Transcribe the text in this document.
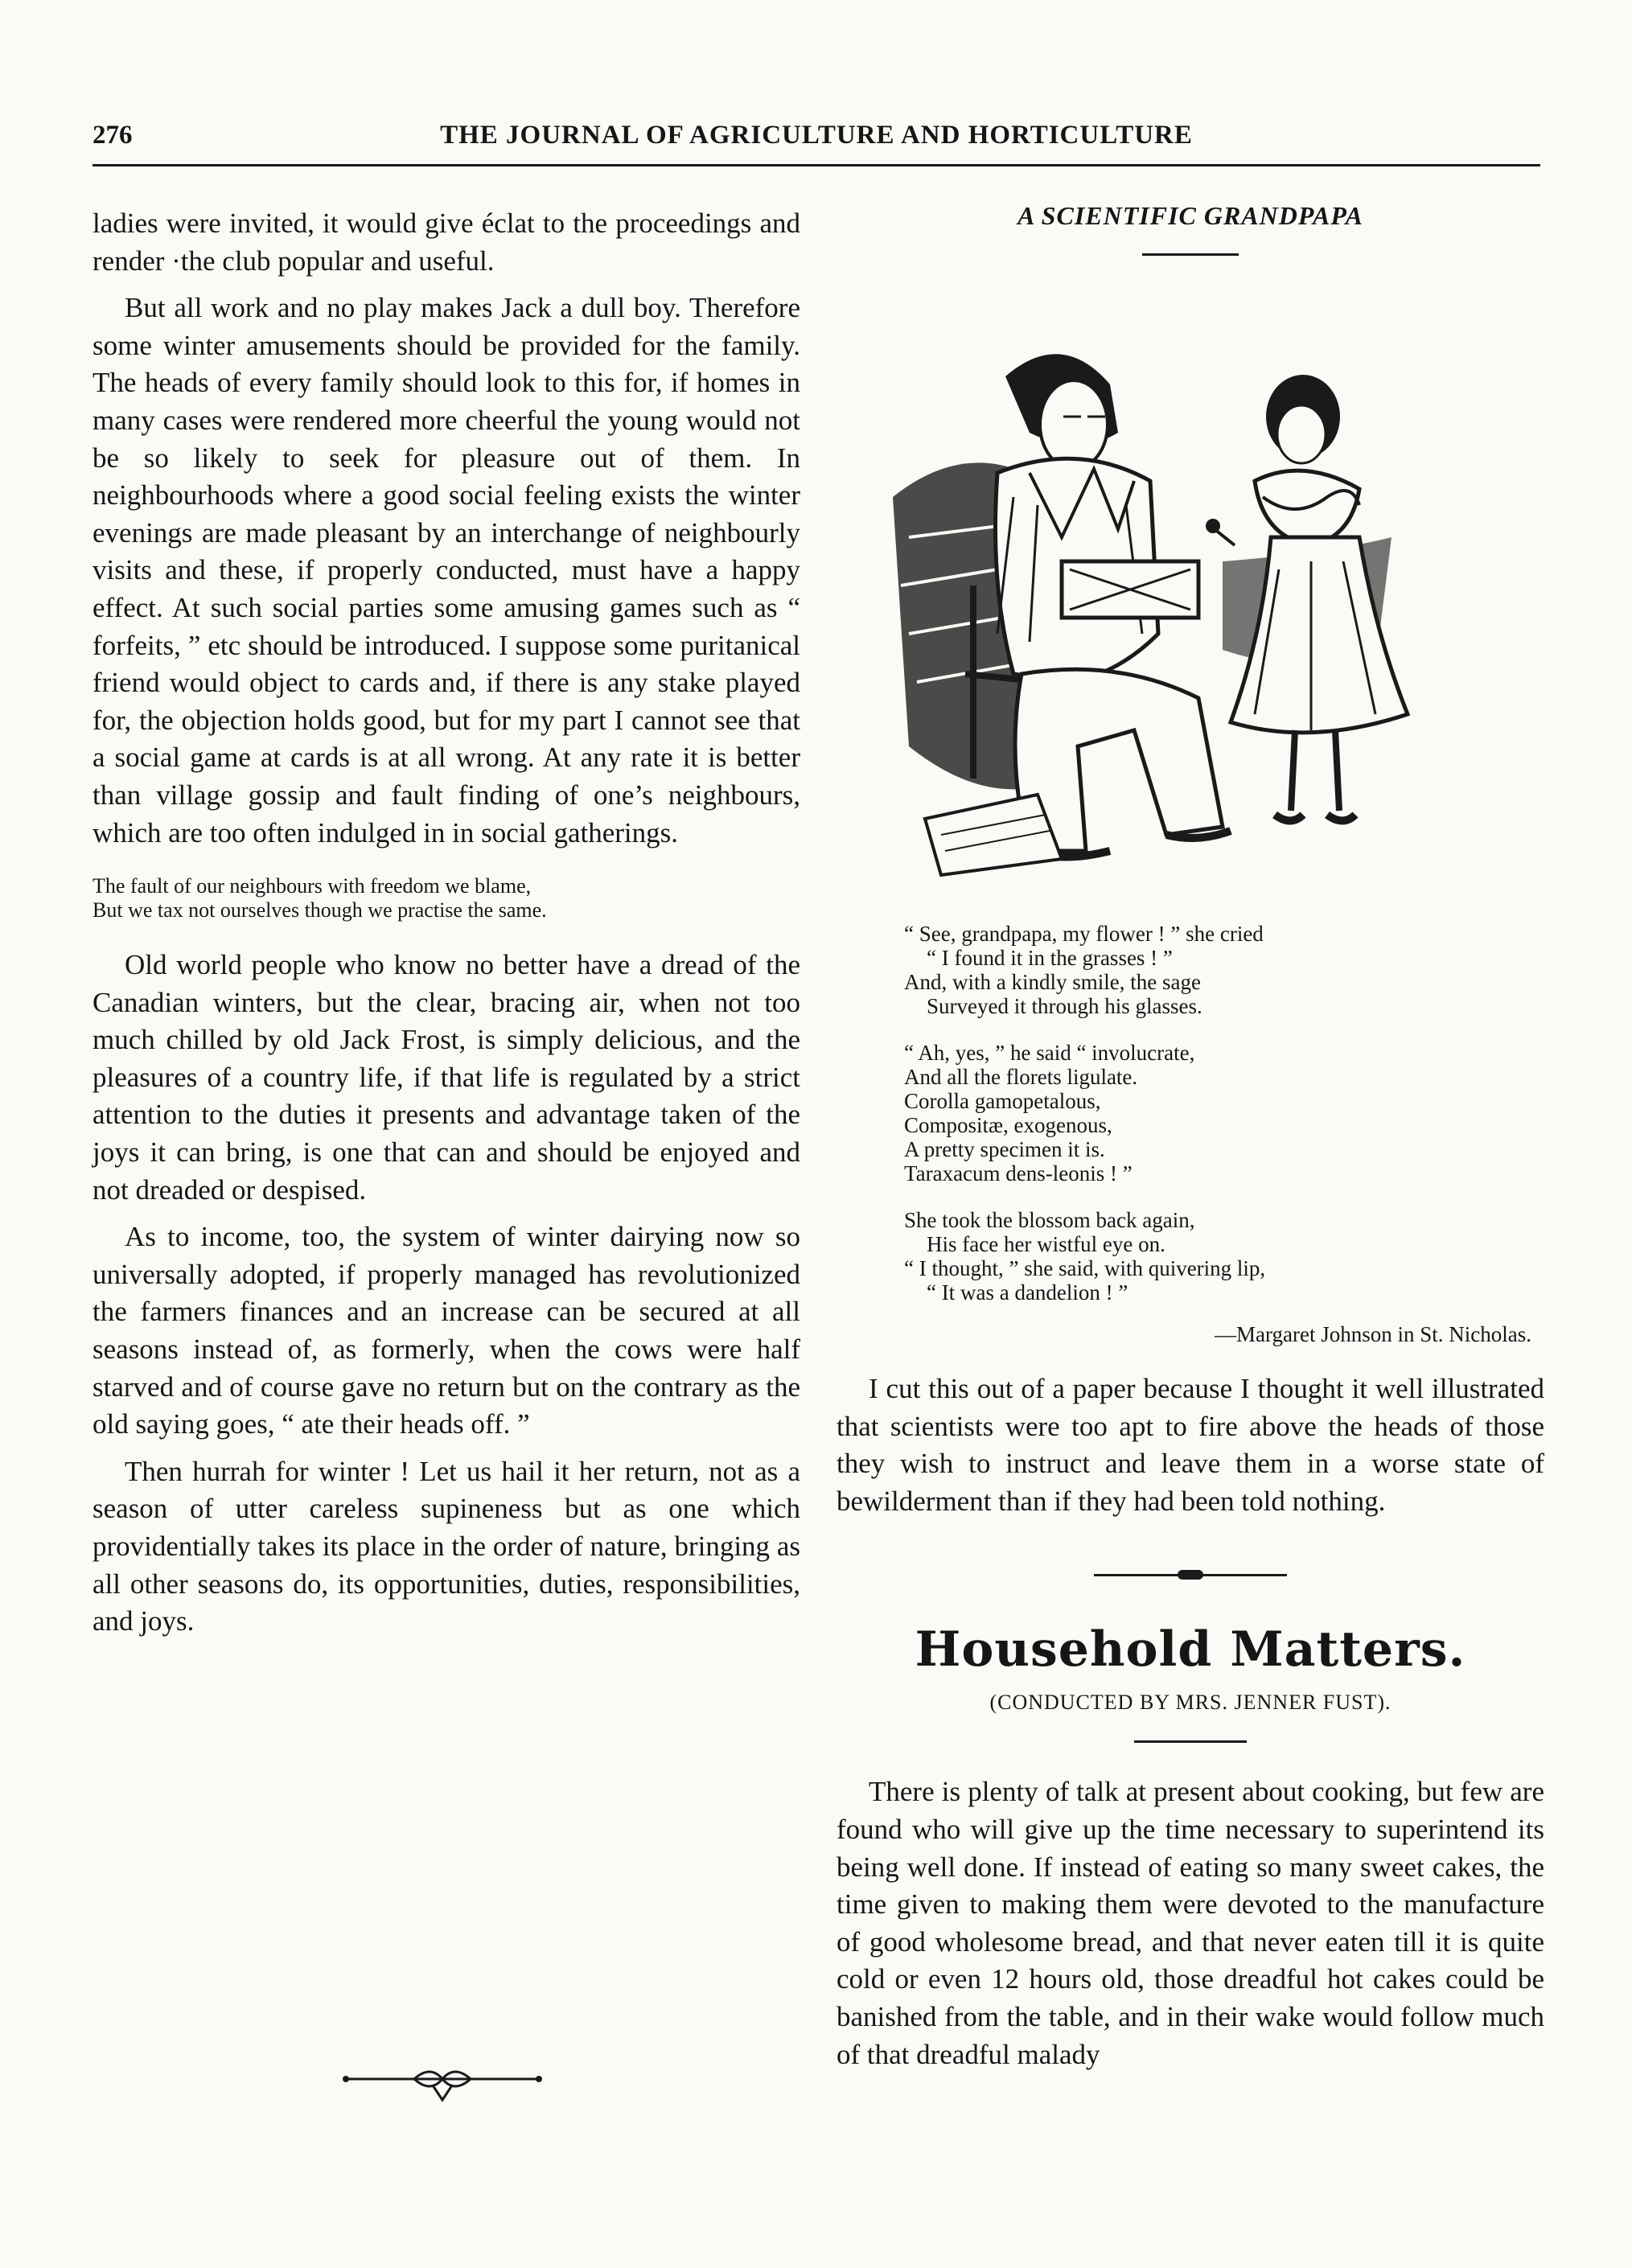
276	THE JOURNAL OF AGRICULTURE AND HORTICULTURE

ladies were invited, it would give éclat to the proceedings and render ·the club popular and useful.

But all work and no play makes Jack a dull boy. Therefore some winter amusements should be provided for the family. The heads of every family should look to this for, if homes in many cases were rendered more cheerful the young would not be so likely to seek for pleasure out of them. In neighbourhoods where a good social feeling exists the winter evenings are made pleasant by an interchange of neighbourly visits and these, if properly conducted, must have a happy effect. At such social parties some amusing games such as “ forfeits, ” etc should be introduced. I suppose some puritanical friend would object to cards and, if there is any stake played for, the objection holds good, but for my part I cannot see that a social game at cards is at all wrong. At any rate it is better than village gossip and fault finding of one’s neighbours, which are too often indulged in in social gatherings.

The fault of our neighbours with freedom we blame,
But we tax not ourselves though we practise the same.

Old world people who know no better have a dread of the Canadian winters, but the clear, bracing air, when not too much chilled by old Jack Frost, is simply delicious, and the pleasures of a country life, if that life is regulated by a strict attention to the duties it presents and advantage taken of the joys it can bring, is one that can and should be enjoyed and not dreaded or despised.

As to income, too, the system of winter dairying now so universally adopted, if properly managed has revolutionized the farmers finances and an increase can be secured at all seasons instead of, as formerly, when the cows were half starved and of course gave no return but on the contrary as the old saying goes, “ ate their heads off. ”

Then hurrah for winter ! Let us hail it her return, not as a season of utter careless supineness but as one which providentially takes its place in the order of nature, bringing as all other seasons do, its opportunities, duties, responsibilities, and joys.

A SCIENTIFIC GRANDPAPA
“ See, grandpapa, my flower ! ” she cried
“ I found it in the grasses ! ”
And, with a kindly smile, the sage
Surveyed it through his glasses.
“ Ah, yes, ” he said “ involucrate,
And all the florets ligulate.
Corolla gamopetalous,
Compositæ, exogenous,
A pretty specimen it is.
Taraxacum dens-leonis ! ”
She took the blossom back again,
His face her wistful eye on.
“ I thought, ” she said, with quivering lip,
“ It was a dandelion ! ”
—Margaret Johnson in St. Nicholas.

I cut this out of a paper because I thought it well illustrated that scientists were too apt to fire above the heads of those they wish to instruct and leave them in a worse state of bewilderment than if they had been told nothing.

Household Matters.
(CONDUCTED BY MRS. JENNER FUST).

There is plenty of talk at present about cooking, but few are found who will give up the time necessary to superintend its being well done. If instead of eating so many sweet cakes, the time given to making them were devoted to the manufacture of good wholesome bread, and that never eaten till it is quite cold or even 12 hours old, those dreadful hot cakes could be banished from the table, and in their wake would follow much of that dreadful malady
